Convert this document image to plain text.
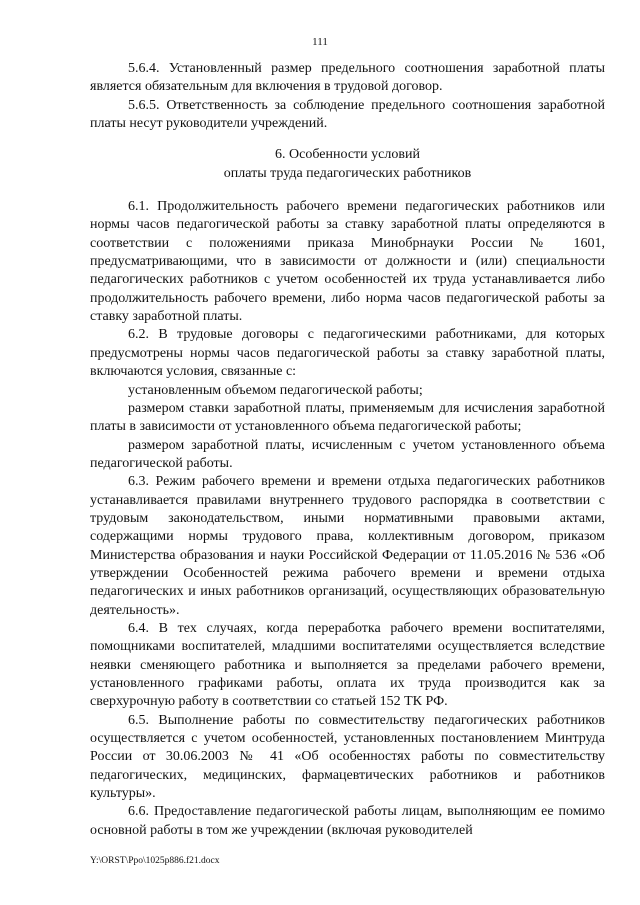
111

5.6.4. Установленный размер предельного соотношения заработной платы является обязательным для включения в трудовой договор.

5.6.5. Ответственность за соблюдение предельного соотношения заработной платы несут руководители учреждений.

6. Особенности условий
оплаты труда педагогических работников

6.1. Продолжительность рабочего времени педагогических работников или нормы часов педагогической работы за ставку заработной платы определяются в соответствии с положениями приказа Минобрнауки России № 1601, предусматривающими, что в зависимости от должности и (или) специальности педагогических работников с учетом особенностей их труда устанавливается либо продолжительность рабочего времени, либо норма часов педагогической работы за ставку заработной платы.

6.2. В трудовые договоры с педагогическими работниками, для которых предусмотрены нормы часов педагогической работы за ставку заработной платы, включаются условия, связанные с:

установленным объемом педагогической работы;

размером ставки заработной платы, применяемым для исчисления заработной платы в зависимости от установленного объема педагогической работы;

размером заработной платы, исчисленным с учетом установленного объема педагогической работы.

6.3. Режим рабочего времени и времени отдыха педагогических работников устанавливается правилами внутреннего трудового распорядка в соответствии с трудовым законодательством, иными нормативными правовыми актами, содержащими нормы трудового права, коллективным договором, приказом Министерства образования и науки Российской Федерации от 11.05.2016 № 536 «Об утверждении Особенностей режима рабочего времени и времени отдыха педагогических и иных работников организаций, осуществляющих образовательную деятельность».

6.4. В тех случаях, когда переработка рабочего времени воспитателями, помощниками воспитателей, младшими воспитателями осуществляется вследствие неявки сменяющего работника и выполняется за пределами рабочего времени, установленного графиками работы, оплата их труда производится как за сверхурочную работу в соответствии со статьей 152 ТК РФ.

6.5. Выполнение работы по совместительству педагогических работников осуществляется с учетом особенностей, установленных постановлением Минтруда России от 30.06.2003 № 41 «Об особенностях работы по совместительству педагогических, медицинских, фармацевтических работников и работников культуры».

6.6. Предоставление педагогической работы лицам, выполняющим ее помимо основной работы в том же учреждении (включая руководителей

Y:\ORST\Ppo\1025p886.f21.docx
